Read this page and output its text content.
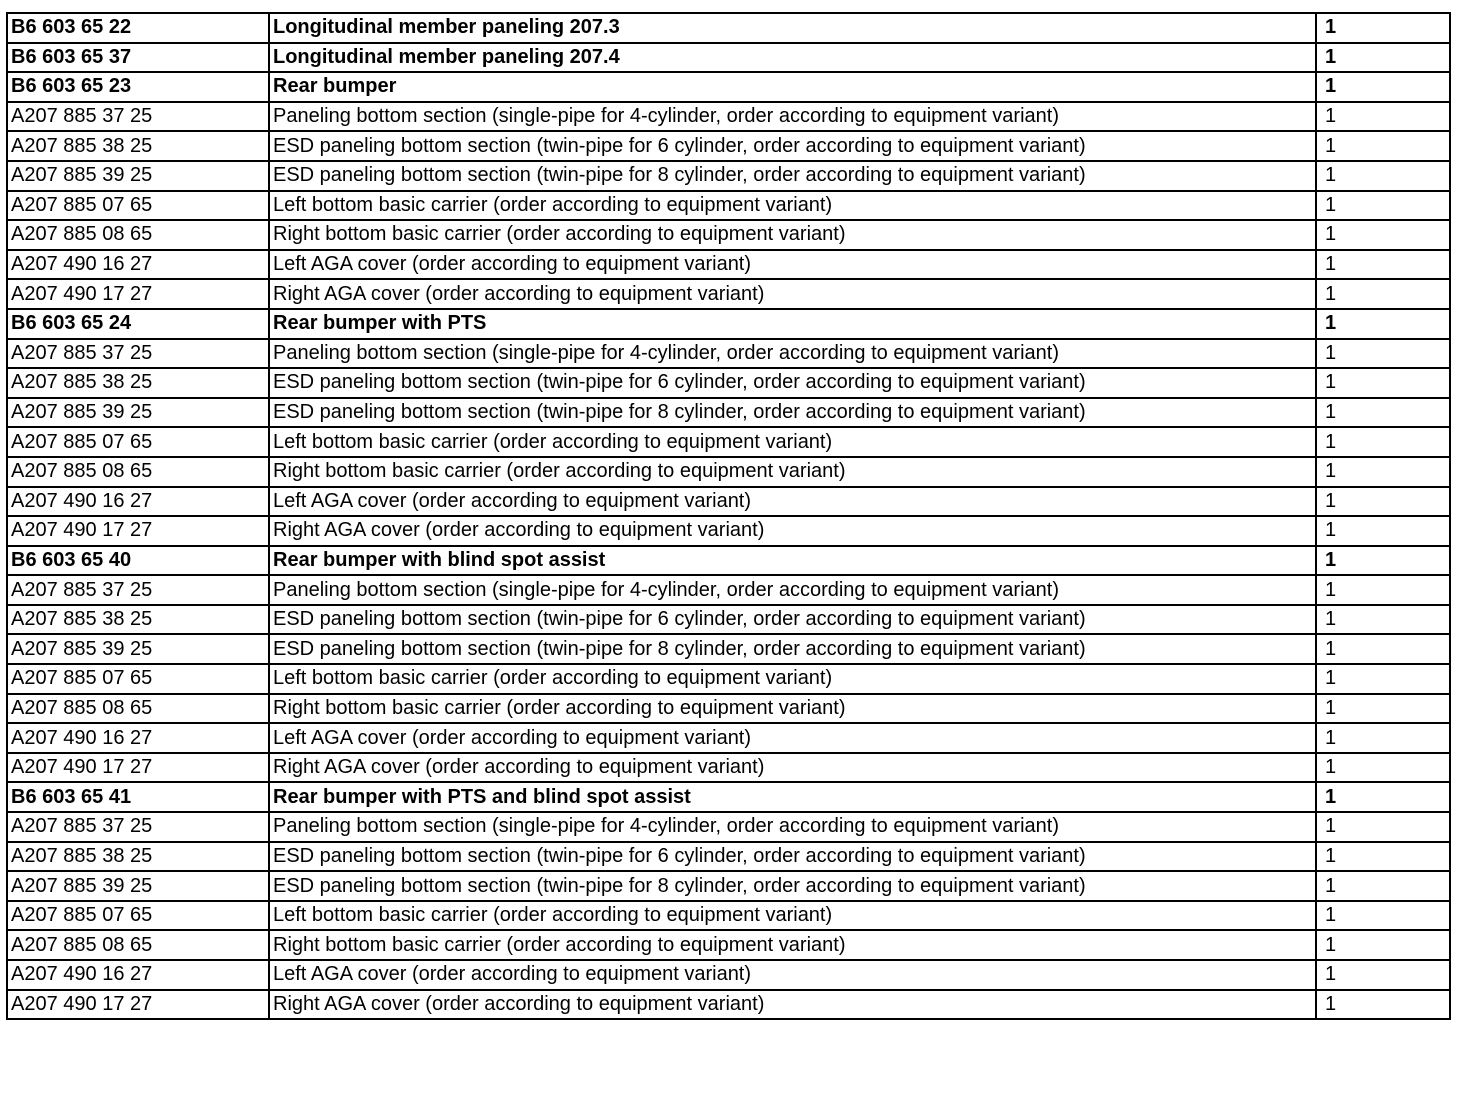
B6 603 65 22	Longitudinal member paneling 207.3	1
B6 603 65 37	Longitudinal member paneling 207.4	1
B6 603 65 23	Rear bumper	1
A207 885 37 25	Paneling bottom section (single-pipe for 4-cylinder, order according to equipment variant)	1
A207 885 38 25	ESD paneling bottom section (twin-pipe for 6 cylinder, order according to equipment variant)	1
A207 885 39 25	ESD paneling bottom section (twin-pipe for 8 cylinder, order according to equipment variant)	1
A207 885 07 65	Left bottom basic carrier (order according to equipment variant)	1
A207 885 08 65	Right bottom basic carrier (order according to equipment variant)	1
A207 490 16 27	Left AGA cover (order according to equipment variant)	1
A207 490 17 27	Right AGA cover (order according to equipment variant)	1
B6 603 65 24	Rear bumper with PTS	1
A207 885 37 25	Paneling bottom section (single-pipe for 4-cylinder, order according to equipment variant)	1
A207 885 38 25	ESD paneling bottom section (twin-pipe for 6 cylinder, order according to equipment variant)	1
A207 885 39 25	ESD paneling bottom section (twin-pipe for 8 cylinder, order according to equipment variant)	1
A207 885 07 65	Left bottom basic carrier (order according to equipment variant)	1
A207 885 08 65	Right bottom basic carrier (order according to equipment variant)	1
A207 490 16 27	Left AGA cover (order according to equipment variant)	1
A207 490 17 27	Right AGA cover (order according to equipment variant)	1
B6 603 65 40	Rear bumper with blind spot assist	1
A207 885 37 25	Paneling bottom section (single-pipe for 4-cylinder, order according to equipment variant)	1
A207 885 38 25	ESD paneling bottom section (twin-pipe for 6 cylinder, order according to equipment variant)	1
A207 885 39 25	ESD paneling bottom section (twin-pipe for 8 cylinder, order according to equipment variant)	1
A207 885 07 65	Left bottom basic carrier (order according to equipment variant)	1
A207 885 08 65	Right bottom basic carrier (order according to equipment variant)	1
A207 490 16 27	Left AGA cover (order according to equipment variant)	1
A207 490 17 27	Right AGA cover (order according to equipment variant)	1
B6 603 65 41	Rear bumper with PTS and blind spot assist	1
A207 885 37 25	Paneling bottom section (single-pipe for 4-cylinder, order according to equipment variant)	1
A207 885 38 25	ESD paneling bottom section (twin-pipe for 6 cylinder, order according to equipment variant)	1
A207 885 39 25	ESD paneling bottom section (twin-pipe for 8 cylinder, order according to equipment variant)	1
A207 885 07 65	Left bottom basic carrier (order according to equipment variant)	1
A207 885 08 65	Right bottom basic carrier (order according to equipment variant)	1
A207 490 16 27	Left AGA cover (order according to equipment variant)	1
A207 490 17 27	Right AGA cover (order according to equipment variant)	1
